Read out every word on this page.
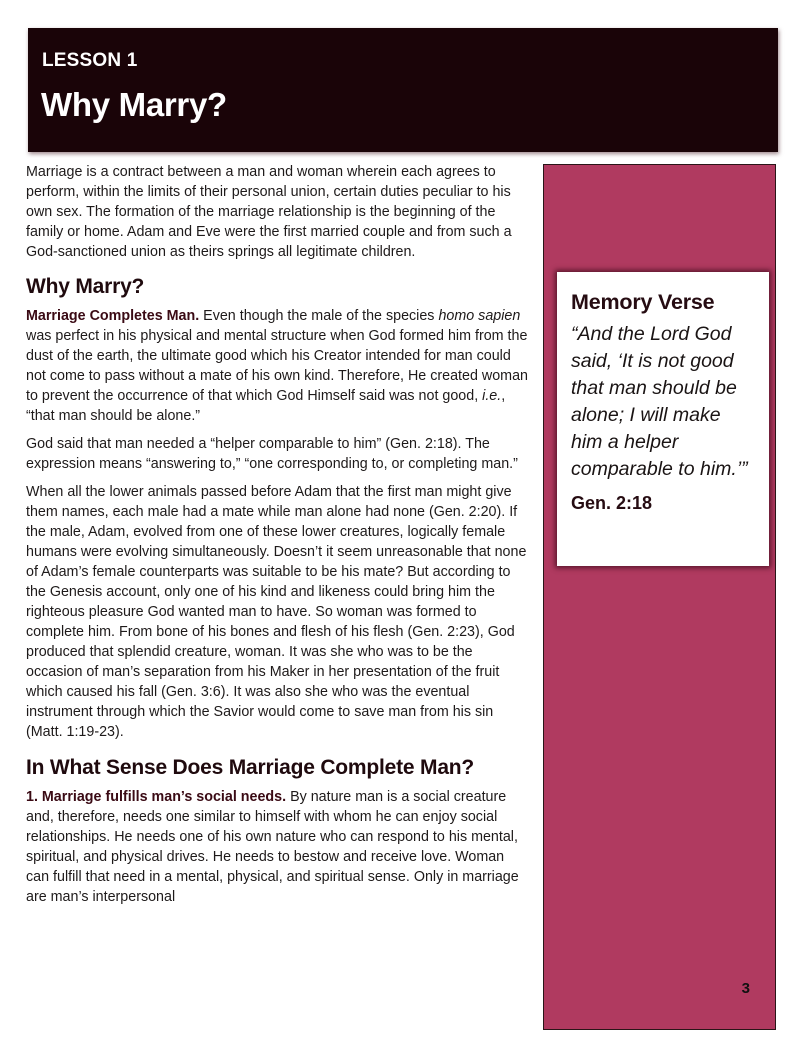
LESSON 1
Why Marry?

Marriage is a contract between a man and woman wherein each agrees to perform, within the limits of their personal union, certain duties peculiar to his own sex. The formation of the marriage relationship is the beginning of the family or home. Adam and Eve were the first married couple and from such a God-sanctioned union as theirs springs all legitimate children.

Why Marry?

Marriage Completes Man. Even though the male of the species homo sapien was perfect in his physical and mental structure when God formed him from the dust of the earth, the ultimate good which his Creator intended for man could not come to pass without a mate of his own kind. Therefore, He created woman to prevent the occurrence of that which God Himself said was not good, i.e., “that man should be alone.”

God said that man needed a “helper comparable to him” (Gen. 2:18). The expression means “answering to,” “one corresponding to, or completing man.”

When all the lower animals passed before Adam that the first man might give them names, each male had a mate while man alone had none (Gen. 2:20). If the male, Adam, evolved from one of these lower creatures, logically female humans were evolving simultaneously. Doesn’t it seem unreasonable that none of Adam’s female counterparts was suitable to be his mate? But according to the Genesis account, only one of his kind and likeness could bring him the righteous pleasure God wanted man to have. So woman was formed to complete him. From bone of his bones and flesh of his flesh (Gen. 2:23), God produced that splendid creature, woman. It was she who was to be the occasion of man’s separation from his Maker in her presentation of the fruit which caused his fall (Gen. 3:6). It was also she who was the eventual instrument through which the Savior would come to save man from his sin (Matt. 1:19-23).

In What Sense Does Marriage Complete Man?

1. Marriage fulfills man’s social needs. By nature man is a social creature and, therefore, needs one similar to himself with whom he can enjoy social relationships. He needs one of his own nature who can respond to his mental, spiritual, and physical drives. He needs to bestow and receive love. Woman can fulfill that need in a mental, physical, and spiritual sense. Only in marriage are man’s interpersonal

Memory Verse

“And the Lord God said, ‘It is not good that man should be alone; I will make him a helper comparable to him.’”

Gen. 2:18
3
